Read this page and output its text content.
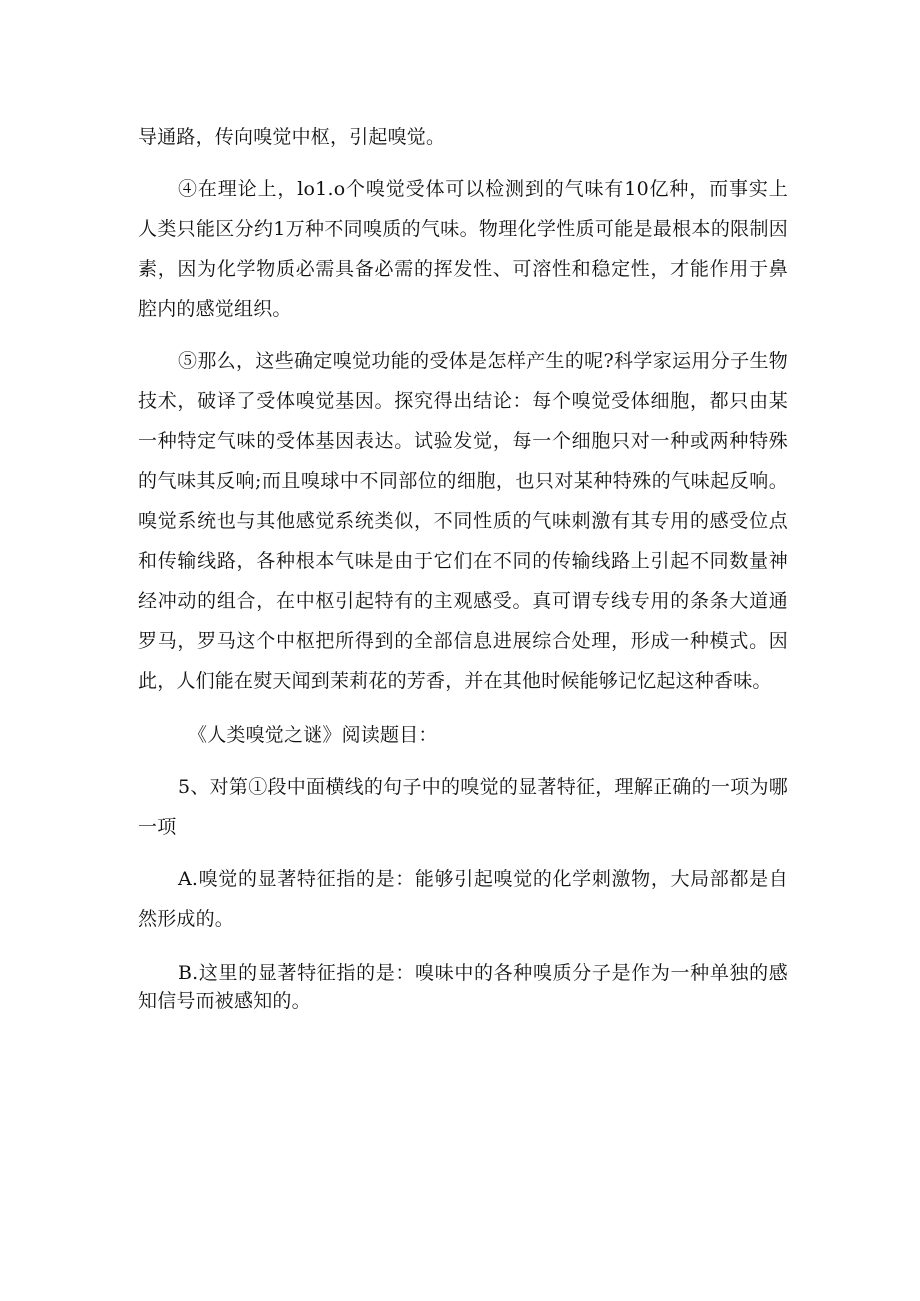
导通路，传向嗅觉中枢，引起嗅觉。

④在理论上，lo1.o个嗅觉受体可以检测到的气味有10亿种，而事实上人类只能区分约1万种不同嗅质的气味。物理化学性质可能是最根本的限制因素，因为化学物质必需具备必需的挥发性、可溶性和稳定性，才能作用于鼻腔内的感觉组织。

⑤那么，这些确定嗅觉功能的受体是怎样产生的呢?科学家运用分子生物技术，破译了受体嗅觉基因。探究得出结论：每个嗅觉受体细胞，都只由某一种特定气味的受体基因表达。试验发觉，每一个细胞只对一种或两种特殊的气味其反响;而且嗅球中不同部位的细胞，也只对某种特殊的气味起反响。嗅觉系统也与其他感觉系统类似，不同性质的气味刺激有其专用的感受位点和传输线路，各种根本气味是由于它们在不同的传输线路上引起不同数量神经冲动的组合，在中枢引起特有的主观感受。真可谓专线专用的条条大道通罗马，罗马这个中枢把所得到的全部信息进展综合处理，形成一种模式。因此，人们能在熨天闻到茉莉花的芳香，并在其他时候能够记忆起这种香味。

《人类嗅觉之谜》阅读题目：

5、对第①段中面横线的句子中的嗅觉的显著特征，理解正确的一项为哪一项

A.嗅觉的显著特征指的是：能够引起嗅觉的化学刺激物，大局部都是自然形成的。

B.这里的显著特征指的是：嗅味中的各种嗅质分子是作为一种单独的感知信号而被感知的。
